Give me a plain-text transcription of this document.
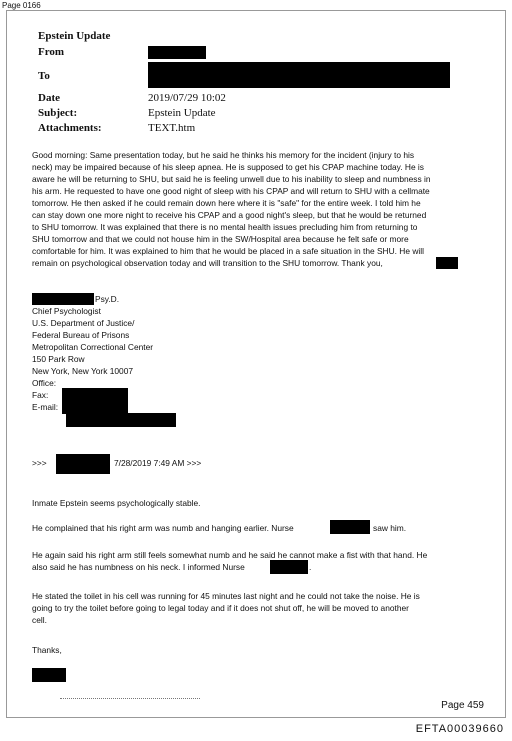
Page 0166
Epstein Update
From
To
Date	2019/07/29 10:02
Subject:	Epstein Update
Attachments:	TEXT.htm
Good morning: Same presentation today, but he said he thinks his memory for the incident (injury to his
neck) may be impaired because of his sleep apnea. He is supposed to get his CPAP machine today. He is
aware he will be returning to SHU, but said he is feeling unwell due to his inability to sleep and numbness in
his arm. He requested to have one good night of sleep with his CPAP and will return to SHU with a cellmate
tomorrow. He then asked if he could remain down here where it is "safe" for the entire week. I told him he
can stay down one more night to receive his CPAP and a good night's sleep, but that he would be returned
to SHU tomorrow. It was explained that there is no mental health issues precluding him from returning to
SHU tomorrow and that we could not house him in the SW/Hospital area because he felt safe or more
comfortable for him. It was explained to him that he would be placed in a safe situation in the SHU. He will
remain on psychological observation today and will transition to the SHU tomorrow. Thank you,
Psy.D.
Chief Psychologist
U.S. Department of Justice/
Federal Bureau of Prisons
Metropolitan Correctional Center
150 Park Row
New York, New York 10007
Office:
Fax:
E-mail:
>>>	7/28/2019 7:49 AM >>>
Inmate Epstein seems psychologically stable.
He complained that his right arm was numb and hanging earlier. Nurse	saw him.
He again said his right arm still feels somewhat numb and he said he cannot make a fist with that hand. He
also said he has numbness on his neck. I informed Nurse	.
He stated the toilet in his cell was running for 45 minutes last night and he could not take the noise. He is
going to try the toilet before going to legal today and if it does not shut off, he will be moved to another
cell.
Thanks,
Page 459
EFTA00039660
